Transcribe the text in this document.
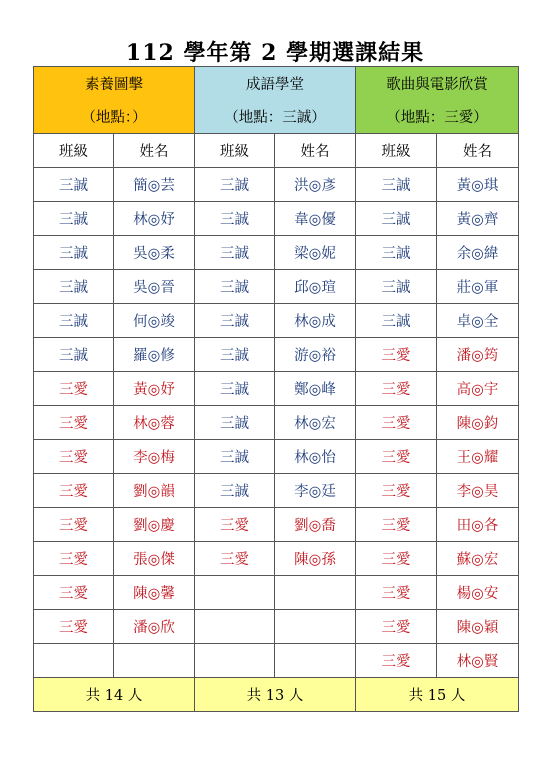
112 學年第 2 學期選課結果
素養圖擊		成語學堂		歌曲與電影欣賞	
（地點：）		（地點：三誠）		（地點：三愛）	
班級	姓名	班級	姓名	班級	姓名
三誠	簡◎芸	三誠	洪◎彥	三誠	黃◎琪
三誠	林◎妤	三誠	韋◎優	三誠	黃◎齊
三誠	吳◎柔	三誠	梁◎妮	三誠	余◎緯
三誠	吳◎晉	三誠	邱◎瑄	三誠	莊◎軍
三誠	何◎竣	三誠	林◎成	三誠	卓◎全
三誠	羅◎修	三誠	游◎裕	三愛	潘◎筠
三愛	黃◎妤	三誠	鄭◎峰	三愛	高◎宇
三愛	林◎蓉	三誠	林◎宏	三愛	陳◎鈞
三愛	李◎梅	三誠	林◎怡	三愛	王◎耀
三愛	劉◎韻	三誠	李◎廷	三愛	李◎昊
三愛	劉◎慶	三愛	劉◎喬	三愛	田◎各
三愛	張◎傑	三愛	陳◎孫	三愛	蘇◎宏
三愛	陳◎馨			三愛	楊◎安
三愛	潘◎欣			三愛	陳◎穎
				三愛	林◎賢
共 14 人		共 13 人		共 15 人	
